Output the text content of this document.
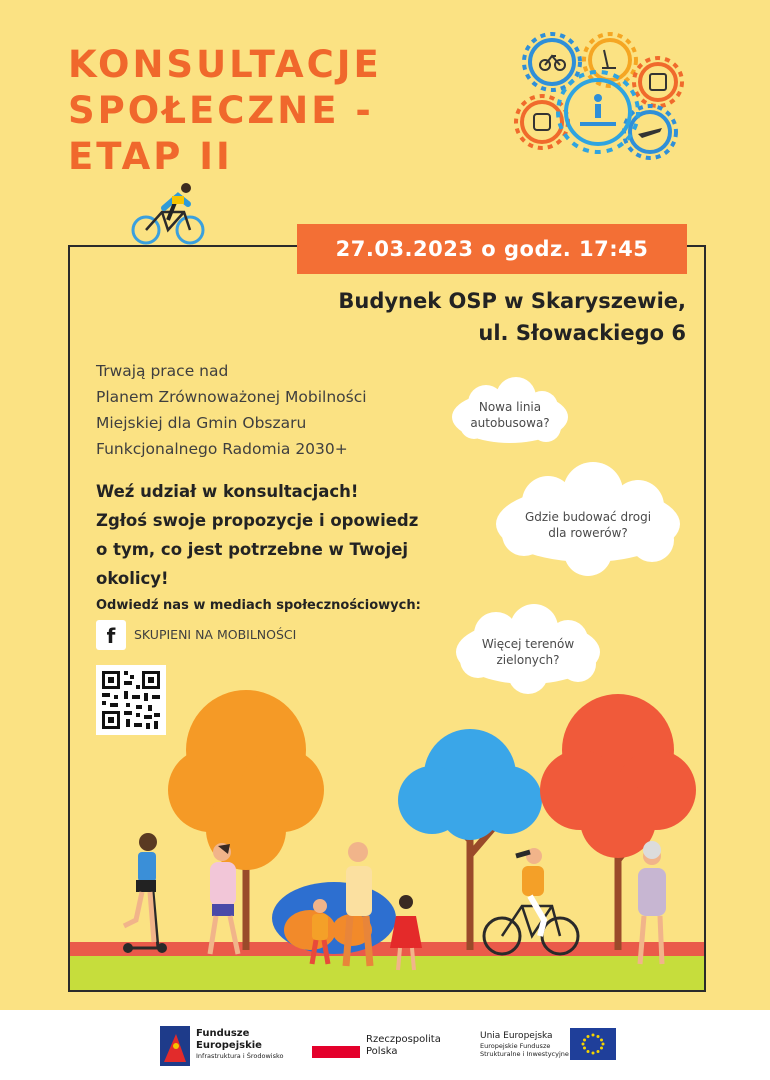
KONSULTACJE
SPOŁECZNE -
ETAP II
27.03.2023 o godz. 17:45
Budynek OSP w Skaryszewie,
ul. Słowackiego 6
Trwają prace nad
Planem Zrównoważonej Mobilności
Miejskiej dla Gmin Obszaru
Funkcjonalnego Radomia 2030+
Weź udział w konsultacjach!
Zgłoś swoje propozycje i opowiedz
o tym, co jest potrzebne w Twojej
okolicy!
Odwiedź nas w mediach społecznościowych:
f	SKUPIENI NA MOBILNOŚCI
Nowa linia
autobusowa?
Gdzie budować drogi
dla rowerów?
Więcej terenów
zielonych?
Fundusze
Europejskie
Infrastruktura i Środowisko
Rzeczpospolita
Polska
Unia Europejska
Europejskie Fundusze
Strukturalne i Inwestycyjne
